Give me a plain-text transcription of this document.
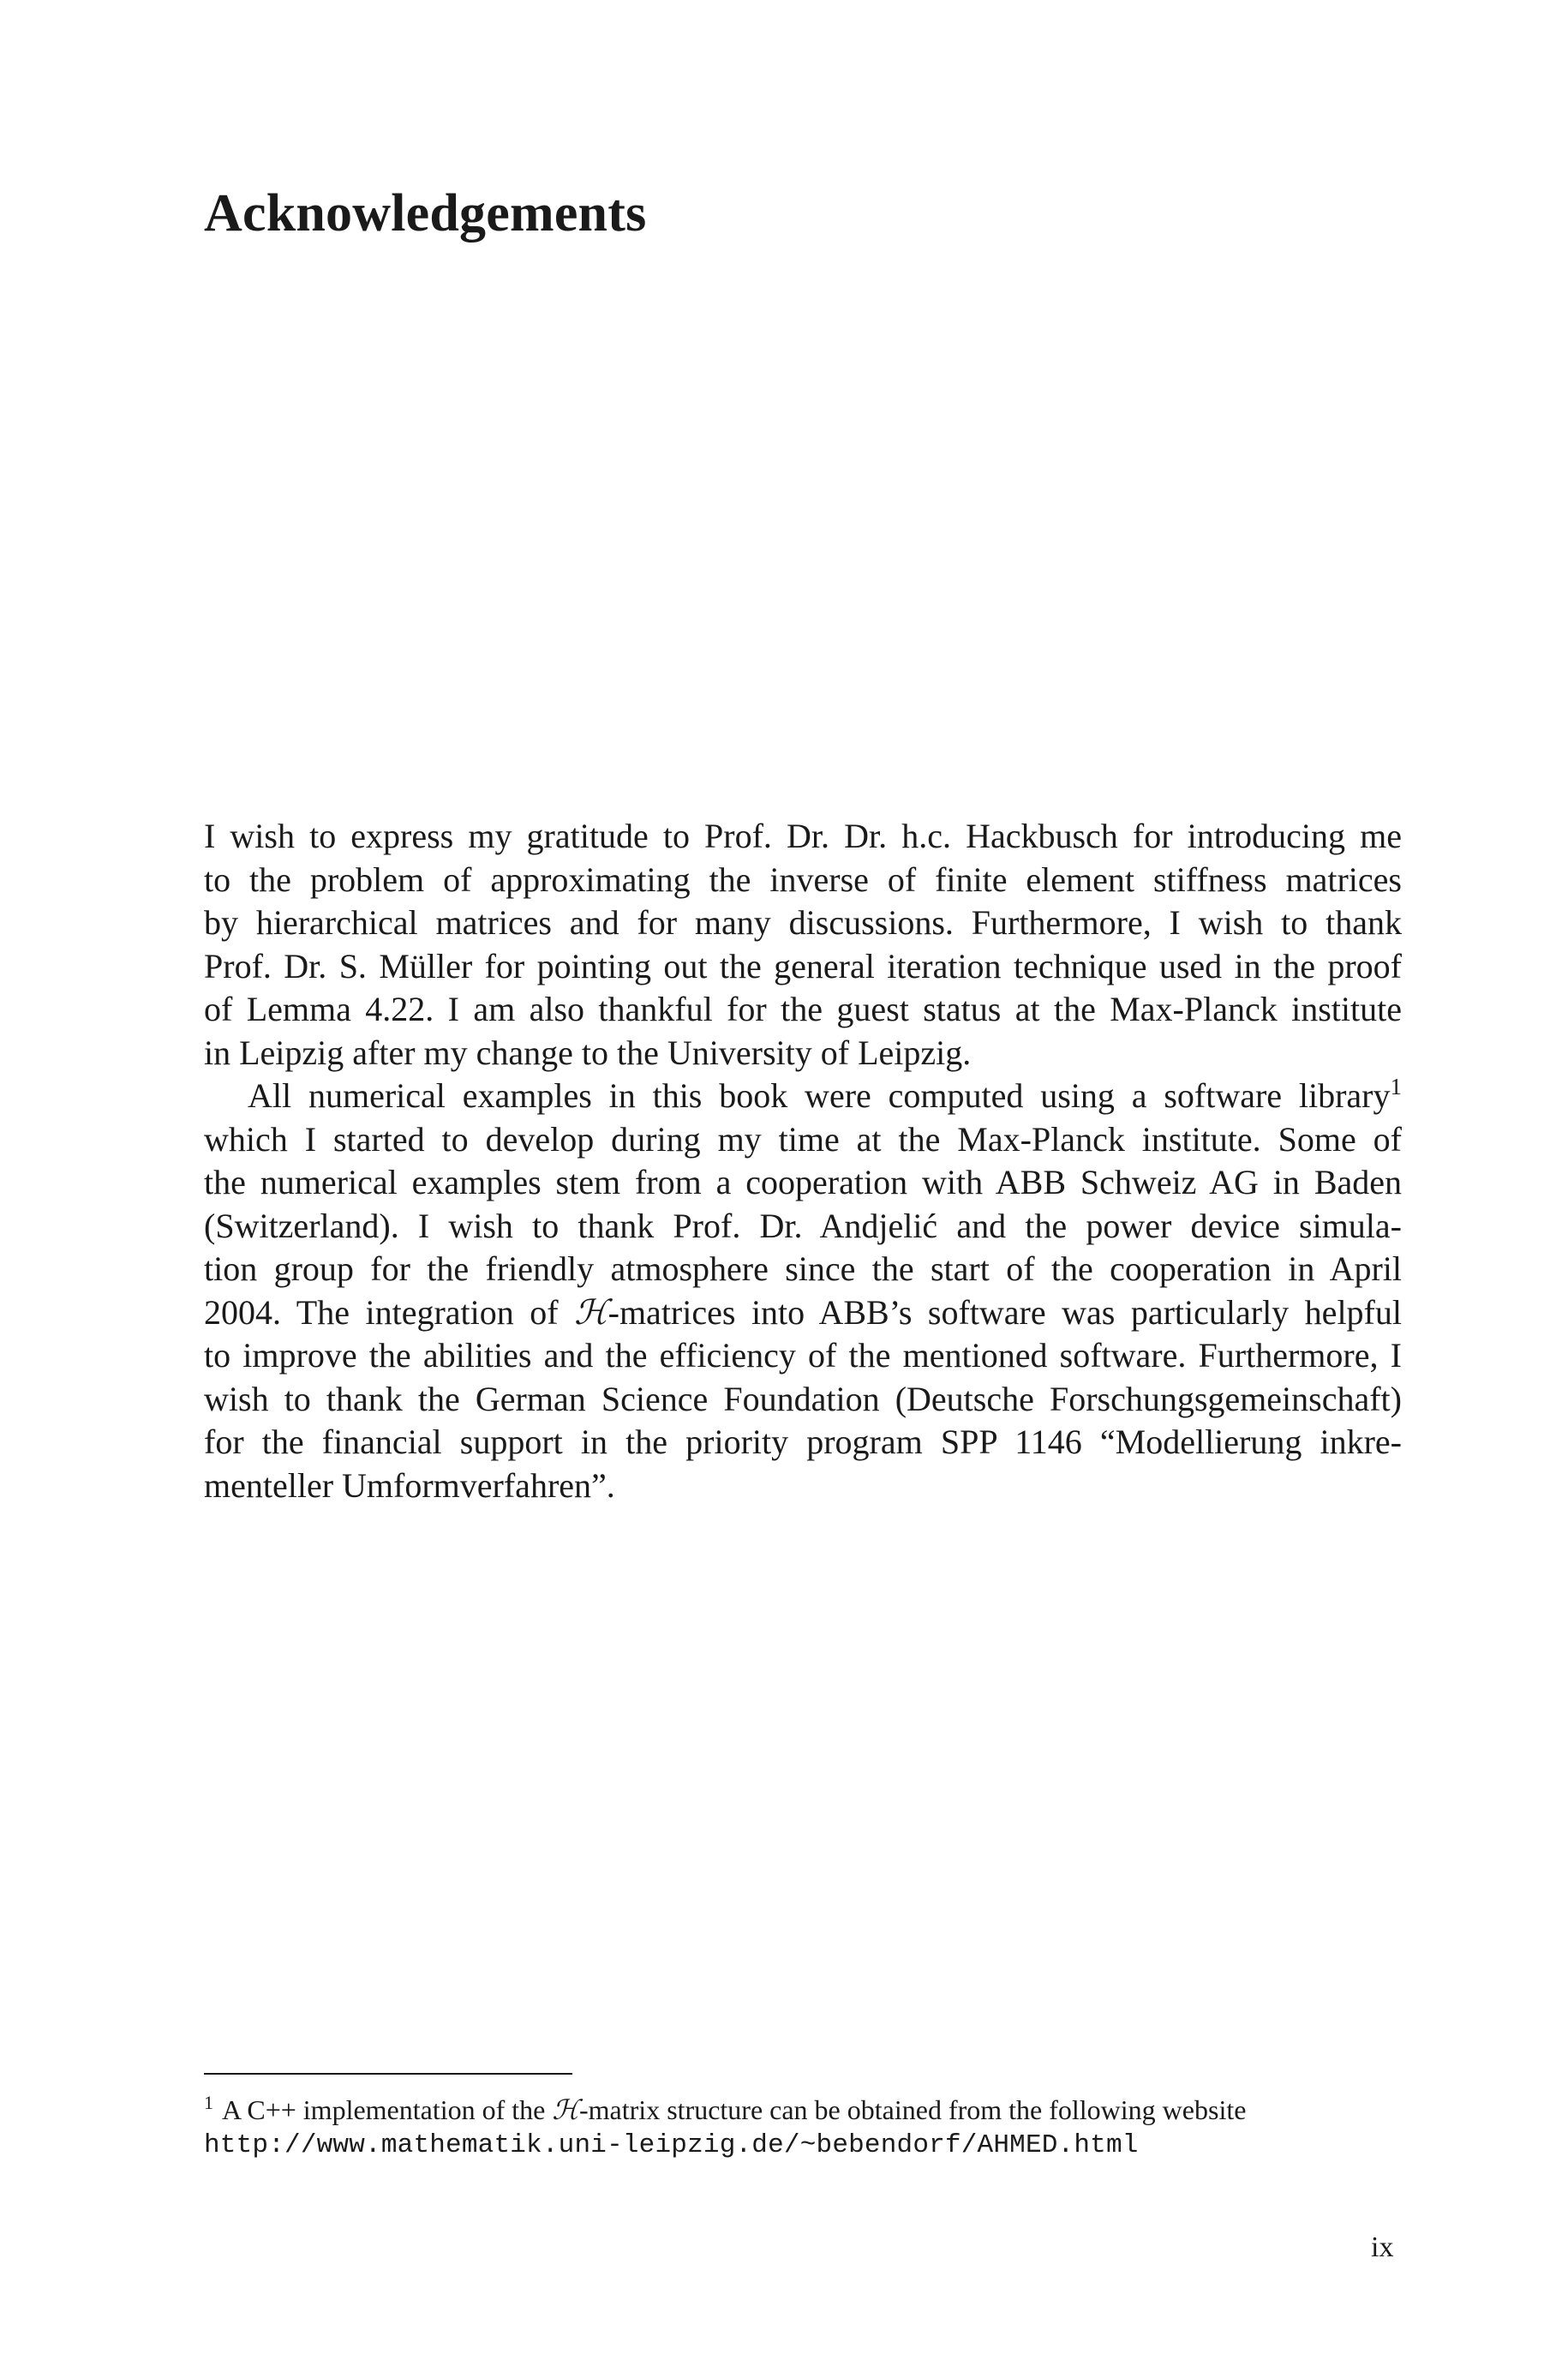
Acknowledgements

I wish to express my gratitude to Prof. Dr. Dr. h.c. Hackbusch for introducing me
to the problem of approximating the inverse of finite element stiffness matrices
by hierarchical matrices and for many discussions. Furthermore, I wish to thank
Prof. Dr. S. Müller for pointing out the general iteration technique used in the proof
of Lemma 4.22. I am also thankful for the guest status at the Max-Planck institute
in Leipzig after my change to the University of Leipzig.

All numerical examples in this book were computed using a software library$^1$
which I started to develop during my time at the Max-Planck institute. Some of
the numerical examples stem from a cooperation with ABB Schweiz AG in Baden
(Switzerland). I wish to thank Prof. Dr. Andjelić and the power device simula-
tion group for the friendly atmosphere since the start of the cooperation in April
2004. The integration of ℋ-matrices into ABB’s software was particularly helpful
to improve the abilities and the efficiency of the mentioned software. Furthermore, I
wish to thank the German Science Foundation (Deutsche Forschungsgemeinschaft)
for the financial support in the priority program SPP 1146 “Modellierung inkre-
menteller Umformverfahren”.

$^1$ A C++ implementation of the ℋ-matrix structure can be obtained from the following website
http://www.mathematik.uni-leipzig.de/~bebendorf/AHMED.html
ix
